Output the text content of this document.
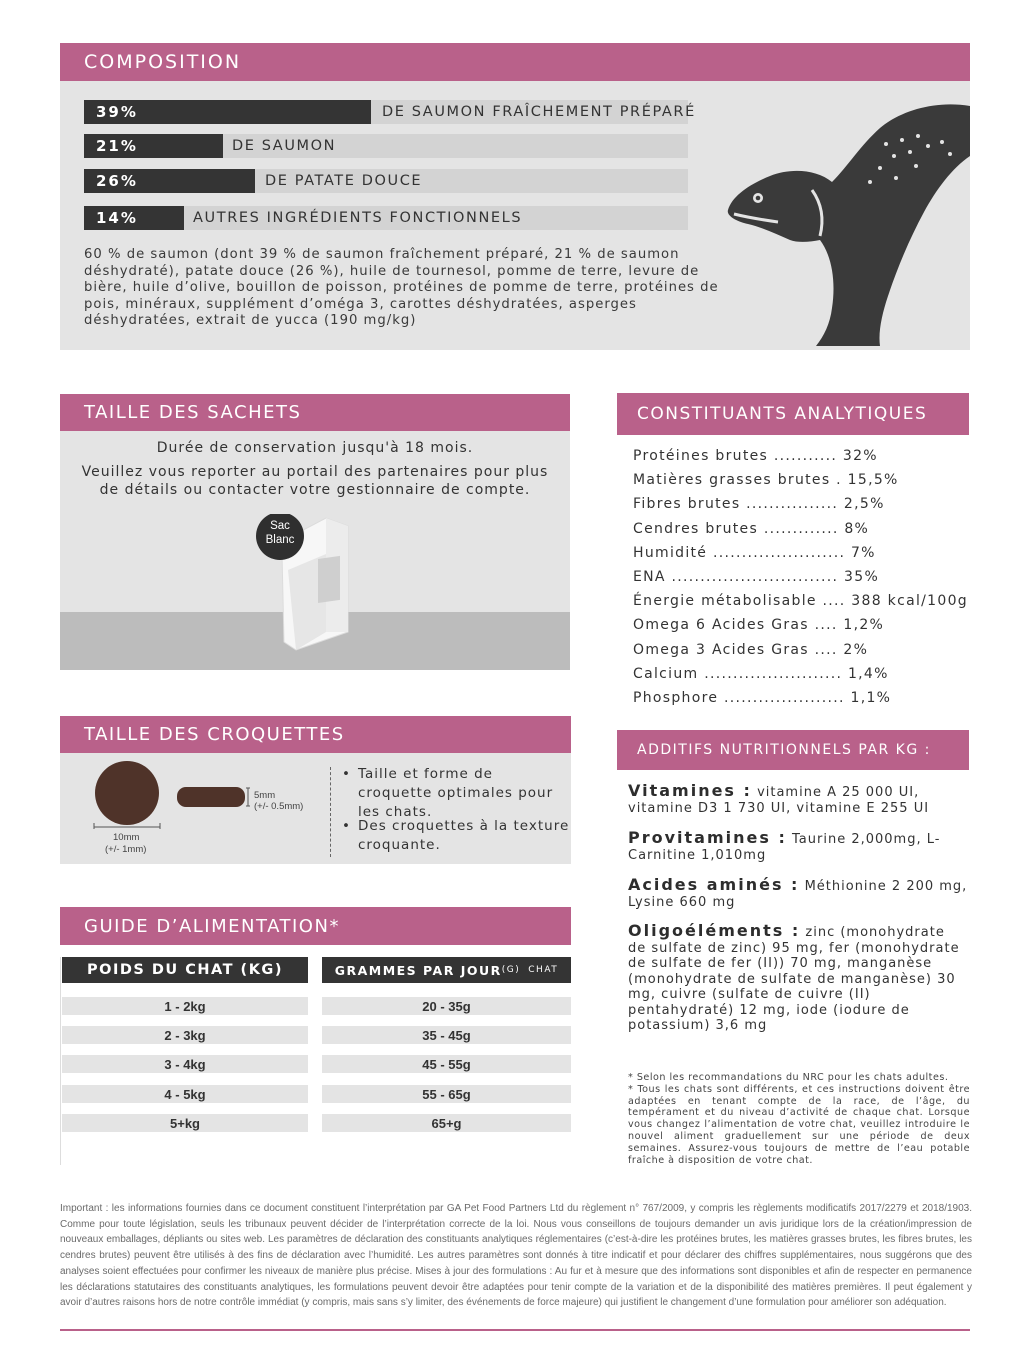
COMPOSITION
39%	DE SAUMON FRAÎCHEMENT PRÉPARÉ
21%	DE SAUMON
26%	DE PATATE DOUCE
14%	AUTRES INGRÉDIENTS FONCTIONNELS
60 % de saumon (dont 39 % de saumon fraîchement préparé, 21 % de saumon déshydraté), patate douce (26 %), huile de tournesol, pomme de terre, levure de bière, huile d’olive, bouillon de poisson, protéines de pomme de terre, protéines de pois, minéraux, supplément d’oméga 3, carottes déshydratées, asperges déshydratées, extrait de yucca (190 mg/kg)
TAILLE DES SACHETS
Durée de conservation jusqu'à 18 mois.
Veuillez vous reporter au portail des partenaires pour plus de détails ou contacter votre gestionnaire de compte.
Sac
Blanc
TAILLE DES CROQUETTES
10mm
(+/- 1mm)
5mm
(+/- 0.5mm)
• Taille et forme de croquette optimales pour les chats.
• Des croquettes à la texture croquante.
GUIDE D’ALIMENTATION*
POIDS DU CHAT (KG)	GRAMMES PAR JOUR (G) CHAT
1 - 2kg	20 - 35g
2 - 3kg	35 - 45g
3 - 4kg	45 - 55g
4 - 5kg	55 - 65g
5+kg	65+g
CONSTITUANTS ANALYTIQUES
Protéines brutes ........... 32%
Matières grasses brutes . 15,5%
Fibres brutes ................ 2,5%
Cendres brutes ............. 8%
Humidité ....................... 7%
ENA ............................. 35%
Énergie métabolisable .... 388 kcal/100g
Omega 6 Acides Gras .... 1,2%
Omega 3 Acides Gras .... 2%
Calcium ........................ 1,4%
Phosphore ..................... 1,1%
ADDITIFS NUTRITIONNELS PAR KG :
Vitamines : vitamine A 25 000 UI, vitamine D3 1 730 UI, vitamine E 255 UI
Provitamines : Taurine 2,000mg, L-Carnitine 1,010mg
Acides aminés : Méthionine 2 200 mg, Lysine 660 mg
Oligoéléments : zinc (monohydrate de sulfate de zinc) 95 mg, fer (monohydrate de sulfate de fer (II)) 70 mg, manganèse (monohydrate de sulfate de manganèse) 30 mg, cuivre (sulfate de cuivre (II) pentahydraté) 12 mg, iode (iodure de potassium) 3,6 mg
* Selon les recommandations du NRC pour les chats adultes.
* Tous les chats sont différents, et ces instructions doivent être adaptées en tenant compte de la race, de l’âge, du tempérament et du niveau d’activité de chaque chat. Lorsque vous changez l’alimentation de votre chat, veuillez introduire le nouvel aliment graduellement sur une période de deux semaines. Assurez-vous toujours de mettre de l’eau potable fraîche à disposition de votre chat.
Important : les informations fournies dans ce document constituent l’interprétation par GA Pet Food Partners Ltd du règlement n° 767/2009, y compris les règlements modificatifs 2017/2279 et 2018/1903. Comme pour toute législation, seuls les tribunaux peuvent décider de l’interprétation correcte de la loi. Nous vous conseillons de toujours demander un avis juridique lors de la création/impression de nouveaux emballages, dépliants ou sites web. Les paramètres de déclaration des constituants analytiques réglementaires (c’est-à-dire les protéines brutes, les matières grasses brutes, les fibres brutes, les cendres brutes) peuvent être utilisés à des fins de déclaration avec l’humidité. Les autres paramètres sont donnés à titre indicatif et pour déclarer des chiffres supplémentaires, nous suggérons que des analyses soient effectuées pour confirmer les niveaux de manière plus précise. Mises à jour des formulations : Au fur et à mesure que des informations sont disponibles et afin de respecter en permanence les déclarations statutaires des constituants analytiques, les formulations peuvent devoir être adaptées pour tenir compte de la variation et de la disponibilité des matières premières. Il peut également y avoir d’autres raisons hors de notre contrôle immédiat (y compris, mais sans s’y limiter, des événements de force majeure) qui justifient le changement d’une formulation pour améliorer son adéquation.
